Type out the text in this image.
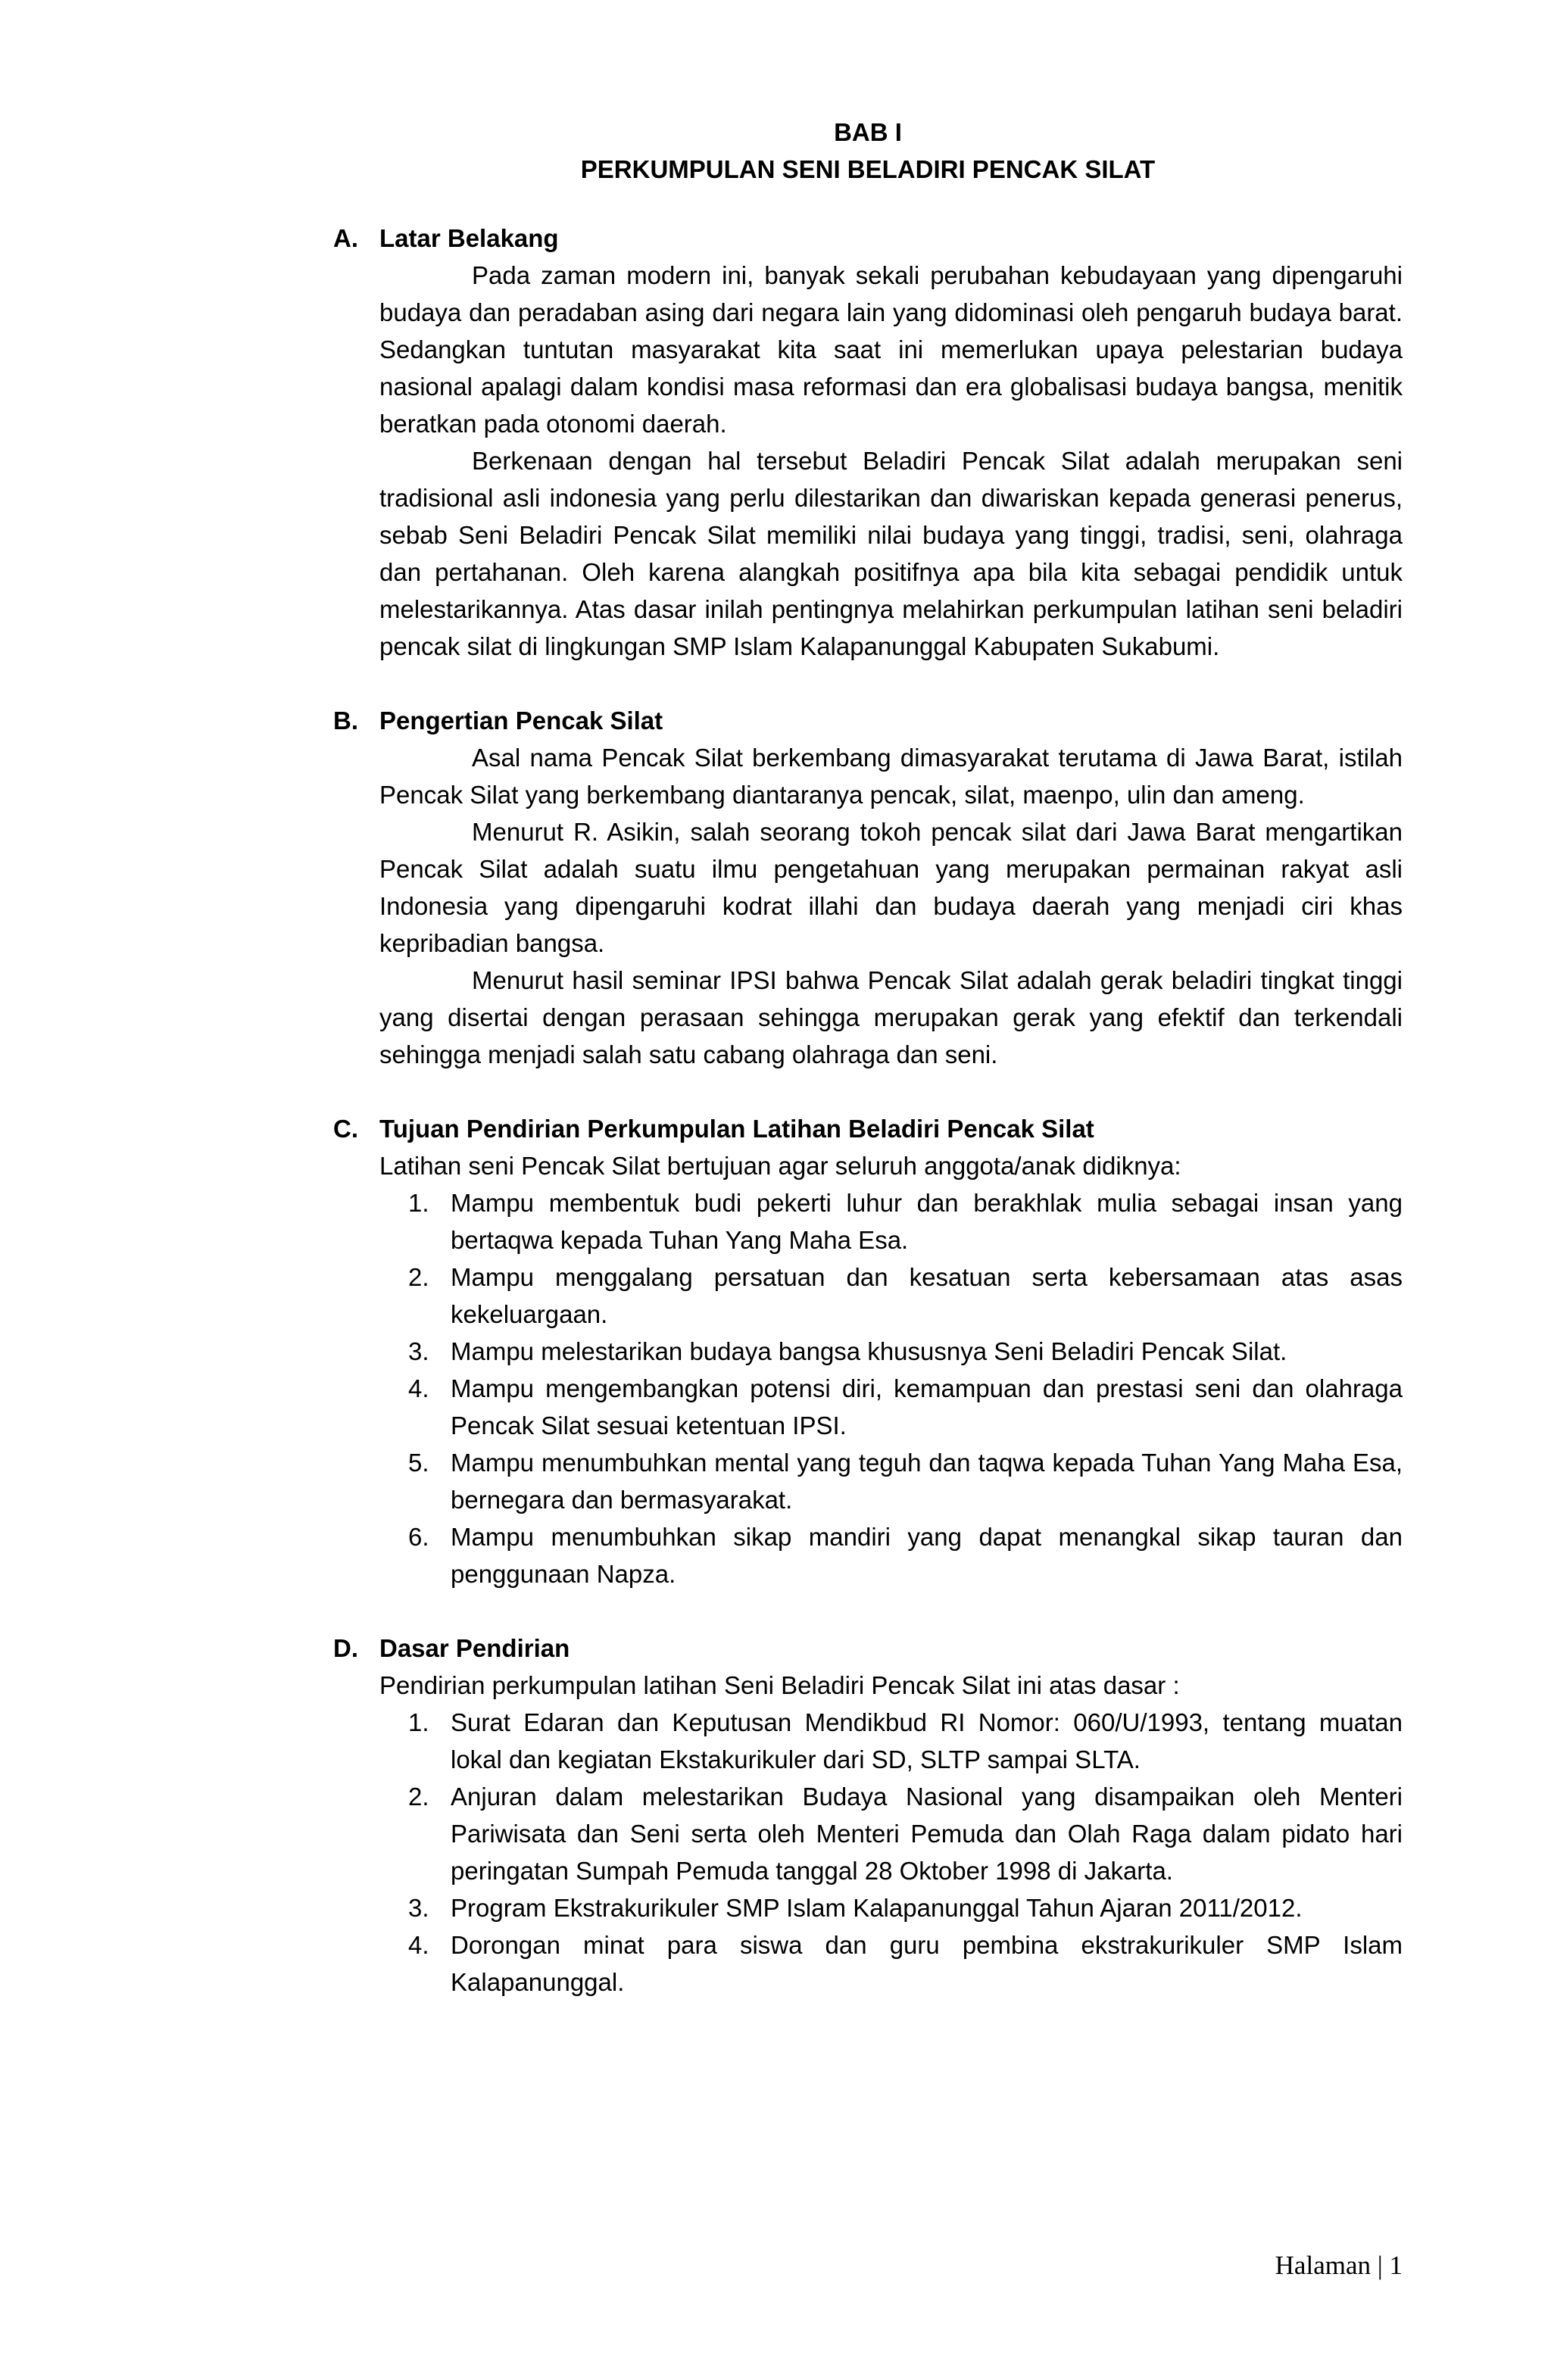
BAB I
PERKUMPULAN SENI BELADIRI PENCAK SILAT
A. Latar Belakang

Pada zaman modern ini, banyak sekali perubahan kebudayaan yang dipengaruhi budaya dan peradaban asing dari negara lain yang didominasi oleh pengaruh budaya barat. Sedangkan tuntutan masyarakat kita saat ini memerlukan upaya pelestarian budaya nasional apalagi dalam kondisi masa reformasi dan era globalisasi budaya bangsa, menitik beratkan pada otonomi daerah.

Berkenaan dengan hal tersebut Beladiri Pencak Silat adalah merupakan seni tradisional asli indonesia yang perlu dilestarikan dan diwariskan kepada generasi penerus, sebab Seni Beladiri Pencak Silat memiliki nilai budaya yang tinggi, tradisi, seni, olahraga dan pertahanan. Oleh karena alangkah positifnya apa bila kita sebagai pendidik untuk melestarikannya. Atas dasar inilah pentingnya melahirkan perkumpulan latihan seni beladiri pencak silat di lingkungan SMP Islam Kalapanunggal Kabupaten Sukabumi.

B. Pengertian Pencak Silat

Asal nama Pencak Silat berkembang dimasyarakat terutama di Jawa Barat, istilah Pencak Silat yang berkembang diantaranya pencak, silat, maenpo, ulin dan ameng.

Menurut R. Asikin, salah seorang tokoh pencak silat dari Jawa Barat mengartikan Pencak Silat adalah suatu ilmu pengetahuan yang merupakan permainan rakyat asli Indonesia yang dipengaruhi kodrat illahi dan budaya daerah yang menjadi ciri khas kepribadian bangsa.

Menurut hasil seminar IPSI bahwa Pencak Silat adalah gerak beladiri tingkat tinggi yang disertai dengan perasaan sehingga merupakan gerak yang efektif dan terkendali sehingga menjadi salah satu cabang olahraga dan seni.

C. Tujuan Pendirian Perkumpulan Latihan Beladiri Pencak Silat

Latihan seni Pencak Silat bertujuan agar seluruh anggota/anak didiknya:

1. Mampu membentuk budi pekerti luhur dan berakhlak mulia sebagai insan yang bertaqwa kepada Tuhan Yang Maha Esa.
2. Mampu menggalang persatuan dan kesatuan serta kebersamaan atas asas kekeluargaan.
3. Mampu melestarikan budaya bangsa khususnya Seni Beladiri Pencak Silat.
4. Mampu mengembangkan potensi diri, kemampuan dan prestasi seni dan olahraga Pencak Silat sesuai ketentuan IPSI.
5. Mampu menumbuhkan mental yang teguh dan taqwa kepada Tuhan Yang Maha Esa, bernegara dan bermasyarakat.
6. Mampu menumbuhkan sikap mandiri yang dapat menangkal sikap tauran dan penggunaan Napza.
D. Dasar Pendirian

Pendirian perkumpulan latihan Seni Beladiri Pencak Silat ini atas dasar :

1. Surat Edaran dan Keputusan Mendikbud RI Nomor: 060/U/1993, tentang muatan lokal dan kegiatan Ekstakurikuler dari SD, SLTP sampai SLTA.
2. Anjuran dalam melestarikan Budaya Nasional yang disampaikan oleh Menteri Pariwisata dan Seni serta oleh Menteri Pemuda dan Olah Raga dalam pidato hari peringatan Sumpah Pemuda tanggal 28 Oktober 1998 di Jakarta.
3. Program Ekstrakurikuler SMP Islam Kalapanunggal Tahun Ajaran 2011/2012.
4. Dorongan minat para siswa dan guru pembina ekstrakurikuler SMP Islam Kalapanunggal.
Halaman | 1
